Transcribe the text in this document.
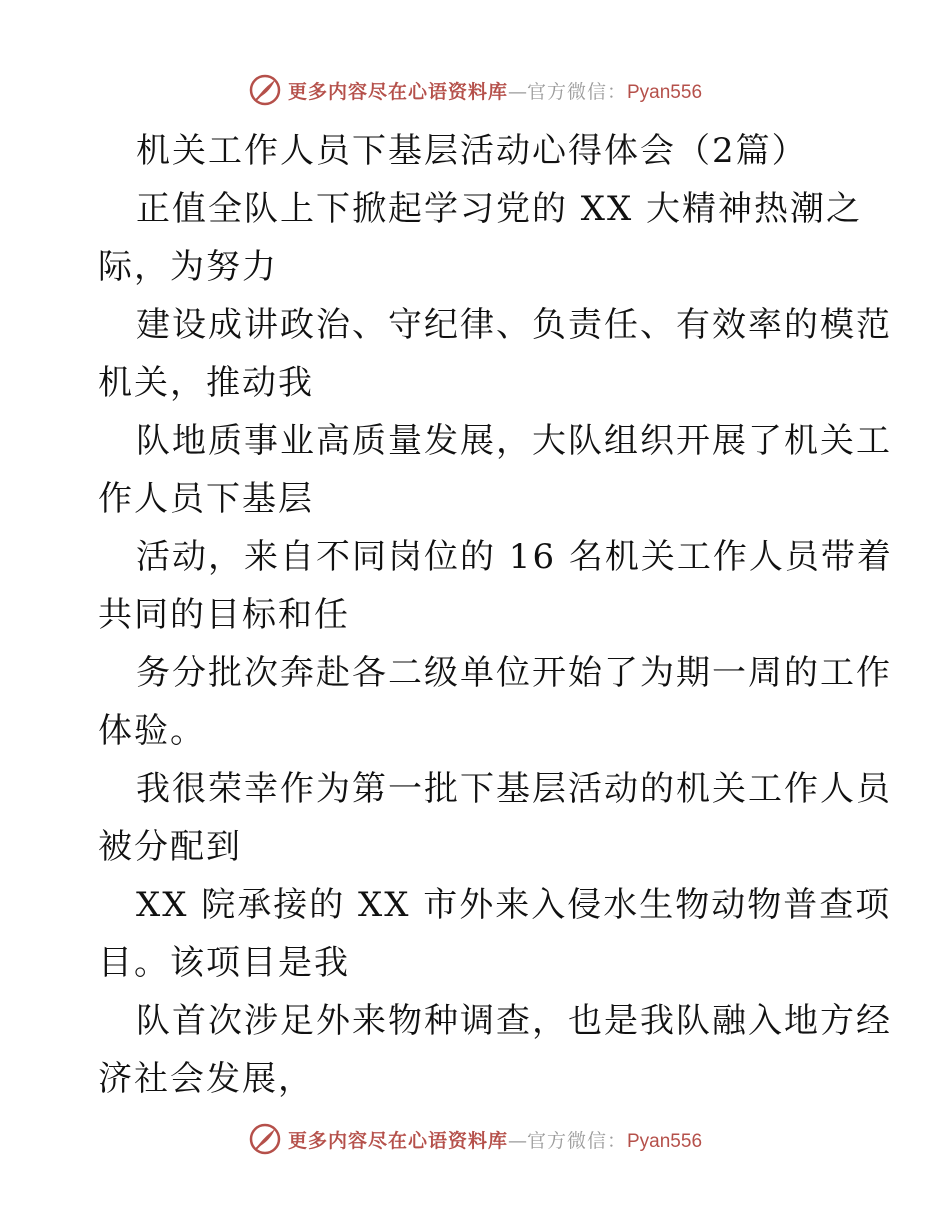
更多内容尽在心语资料库—官方微信：Pyan556
机关工作人员下基层活动心得体会（2篇）
正值全队上下掀起学习党的 XX 大精神热潮之
际，为努力
建设成讲政治、守纪律、负责任、有效率的模范
机关，推动我
队地质事业高质量发展，大队组织开展了机关工
作人员下基层
活动，来自不同岗位的 16 名机关工作人员带着
共同的目标和任
务分批次奔赴各二级单位开始了为期一周的工作
体验。
我很荣幸作为第一批下基层活动的机关工作人员
被分配到
XX 院承接的 XX 市外来入侵水生物动物普查项
目。该项目是我
队首次涉足外来物种调查，也是我队融入地方经
济社会发展，
更多内容尽在心语资料库—官方微信：Pyan556
